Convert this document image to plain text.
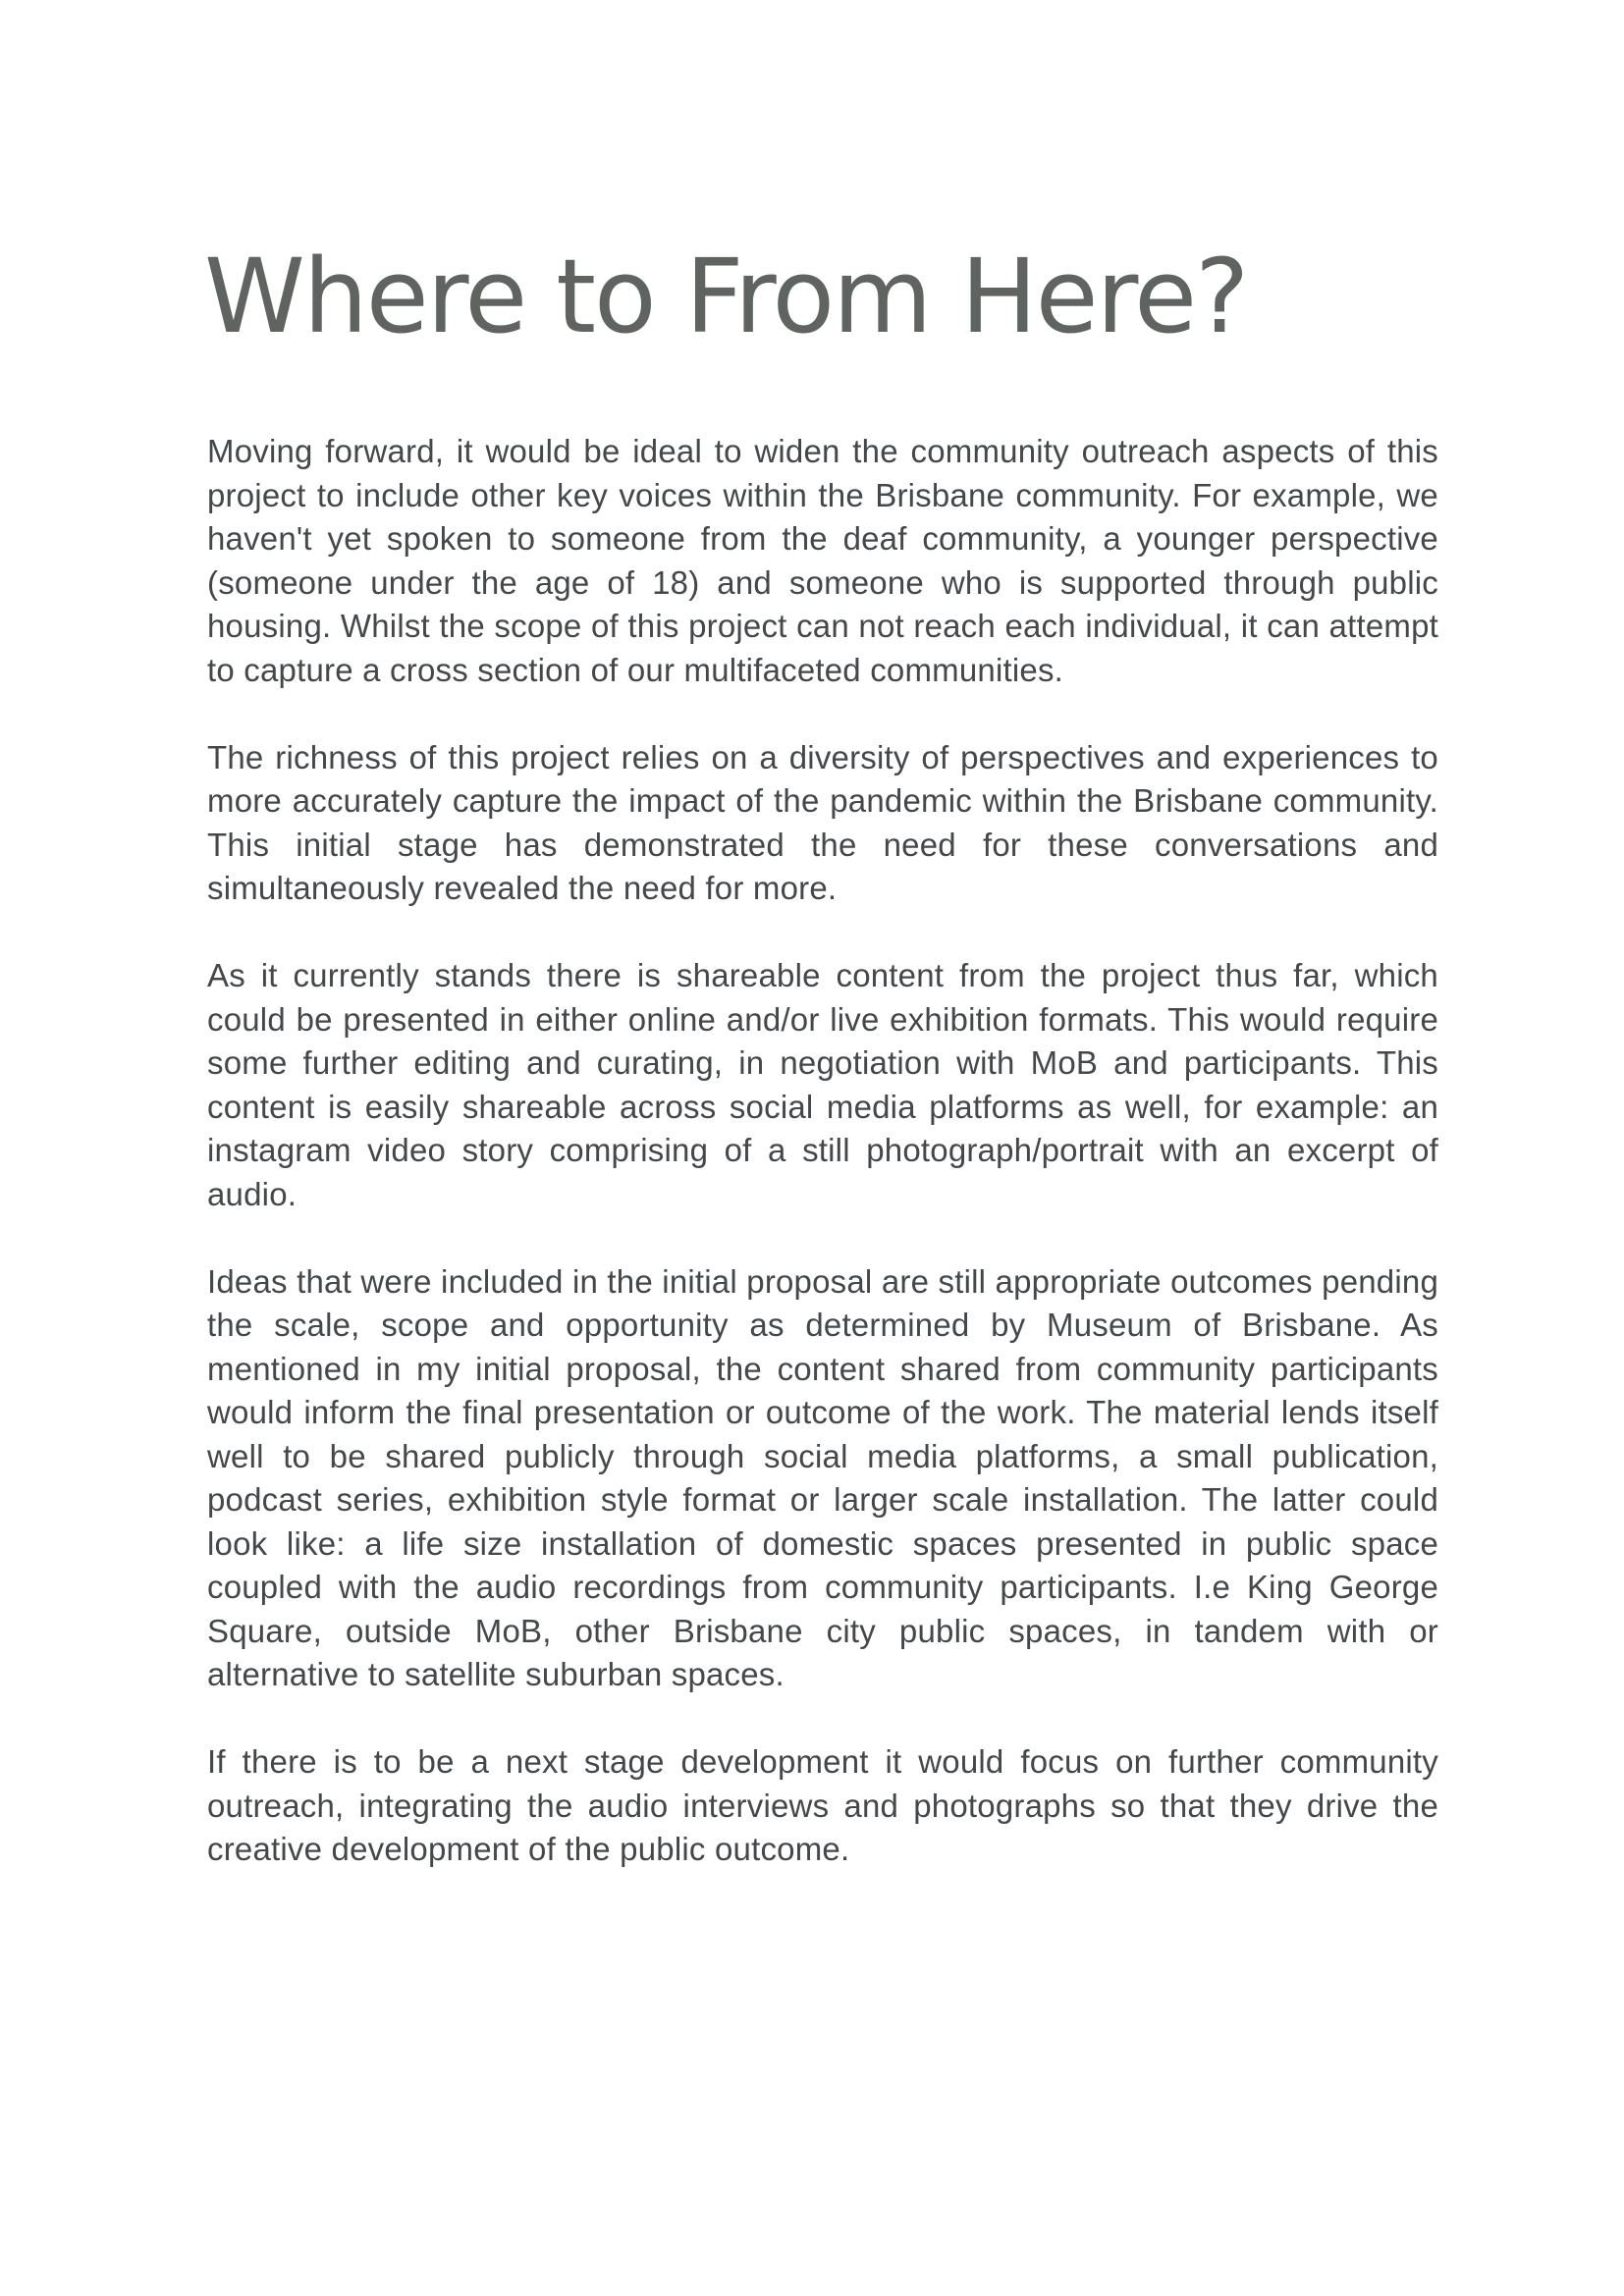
Where to From Here?

Moving forward, it would be ideal to widen the community outreach aspects of this project to include other key voices within the Brisbane community. For example, we haven't yet spoken to someone from the deaf community, a younger perspective (someone under the age of 18) and someone who is supported through public housing. Whilst the scope of this project can not reach each individual, it can attempt to capture a cross section of our multifaceted communities.

The richness of this project relies on a diversity of perspectives and experiences to more accurately capture the impact of the pandemic within the Brisbane community. This initial stage has demonstrated the need for these conversations and simultaneously revealed the need for more.

As it currently stands there is shareable content from the project thus far, which could be presented in either online and/or live exhibition formats. This would require some further editing and curating, in negotiation with MoB and participants. This content is easily shareable across social media platforms as well, for example: an instagram video story comprising of a still photograph/portrait with an excerpt of audio.

Ideas that were included in the initial proposal are still appropriate outcomes pending the scale, scope and opportunity as determined by Museum of Brisbane. As mentioned in my initial proposal, the content shared from community participants would inform the final presentation or outcome of the work. The material lends itself well to be shared publicly through social media platforms, a small publication, podcast series, exhibition style format or larger scale installation. The latter could look like: a life size installation of domestic spaces presented in public space coupled with the audio recordings from community participants. I.e King George Square, outside MoB, other Brisbane city public spaces, in tandem with or alternative to satellite suburban spaces.

If there is to be a next stage development it would focus on further community outreach, integrating the audio interviews and photographs so that they drive the creative development of the public outcome.
